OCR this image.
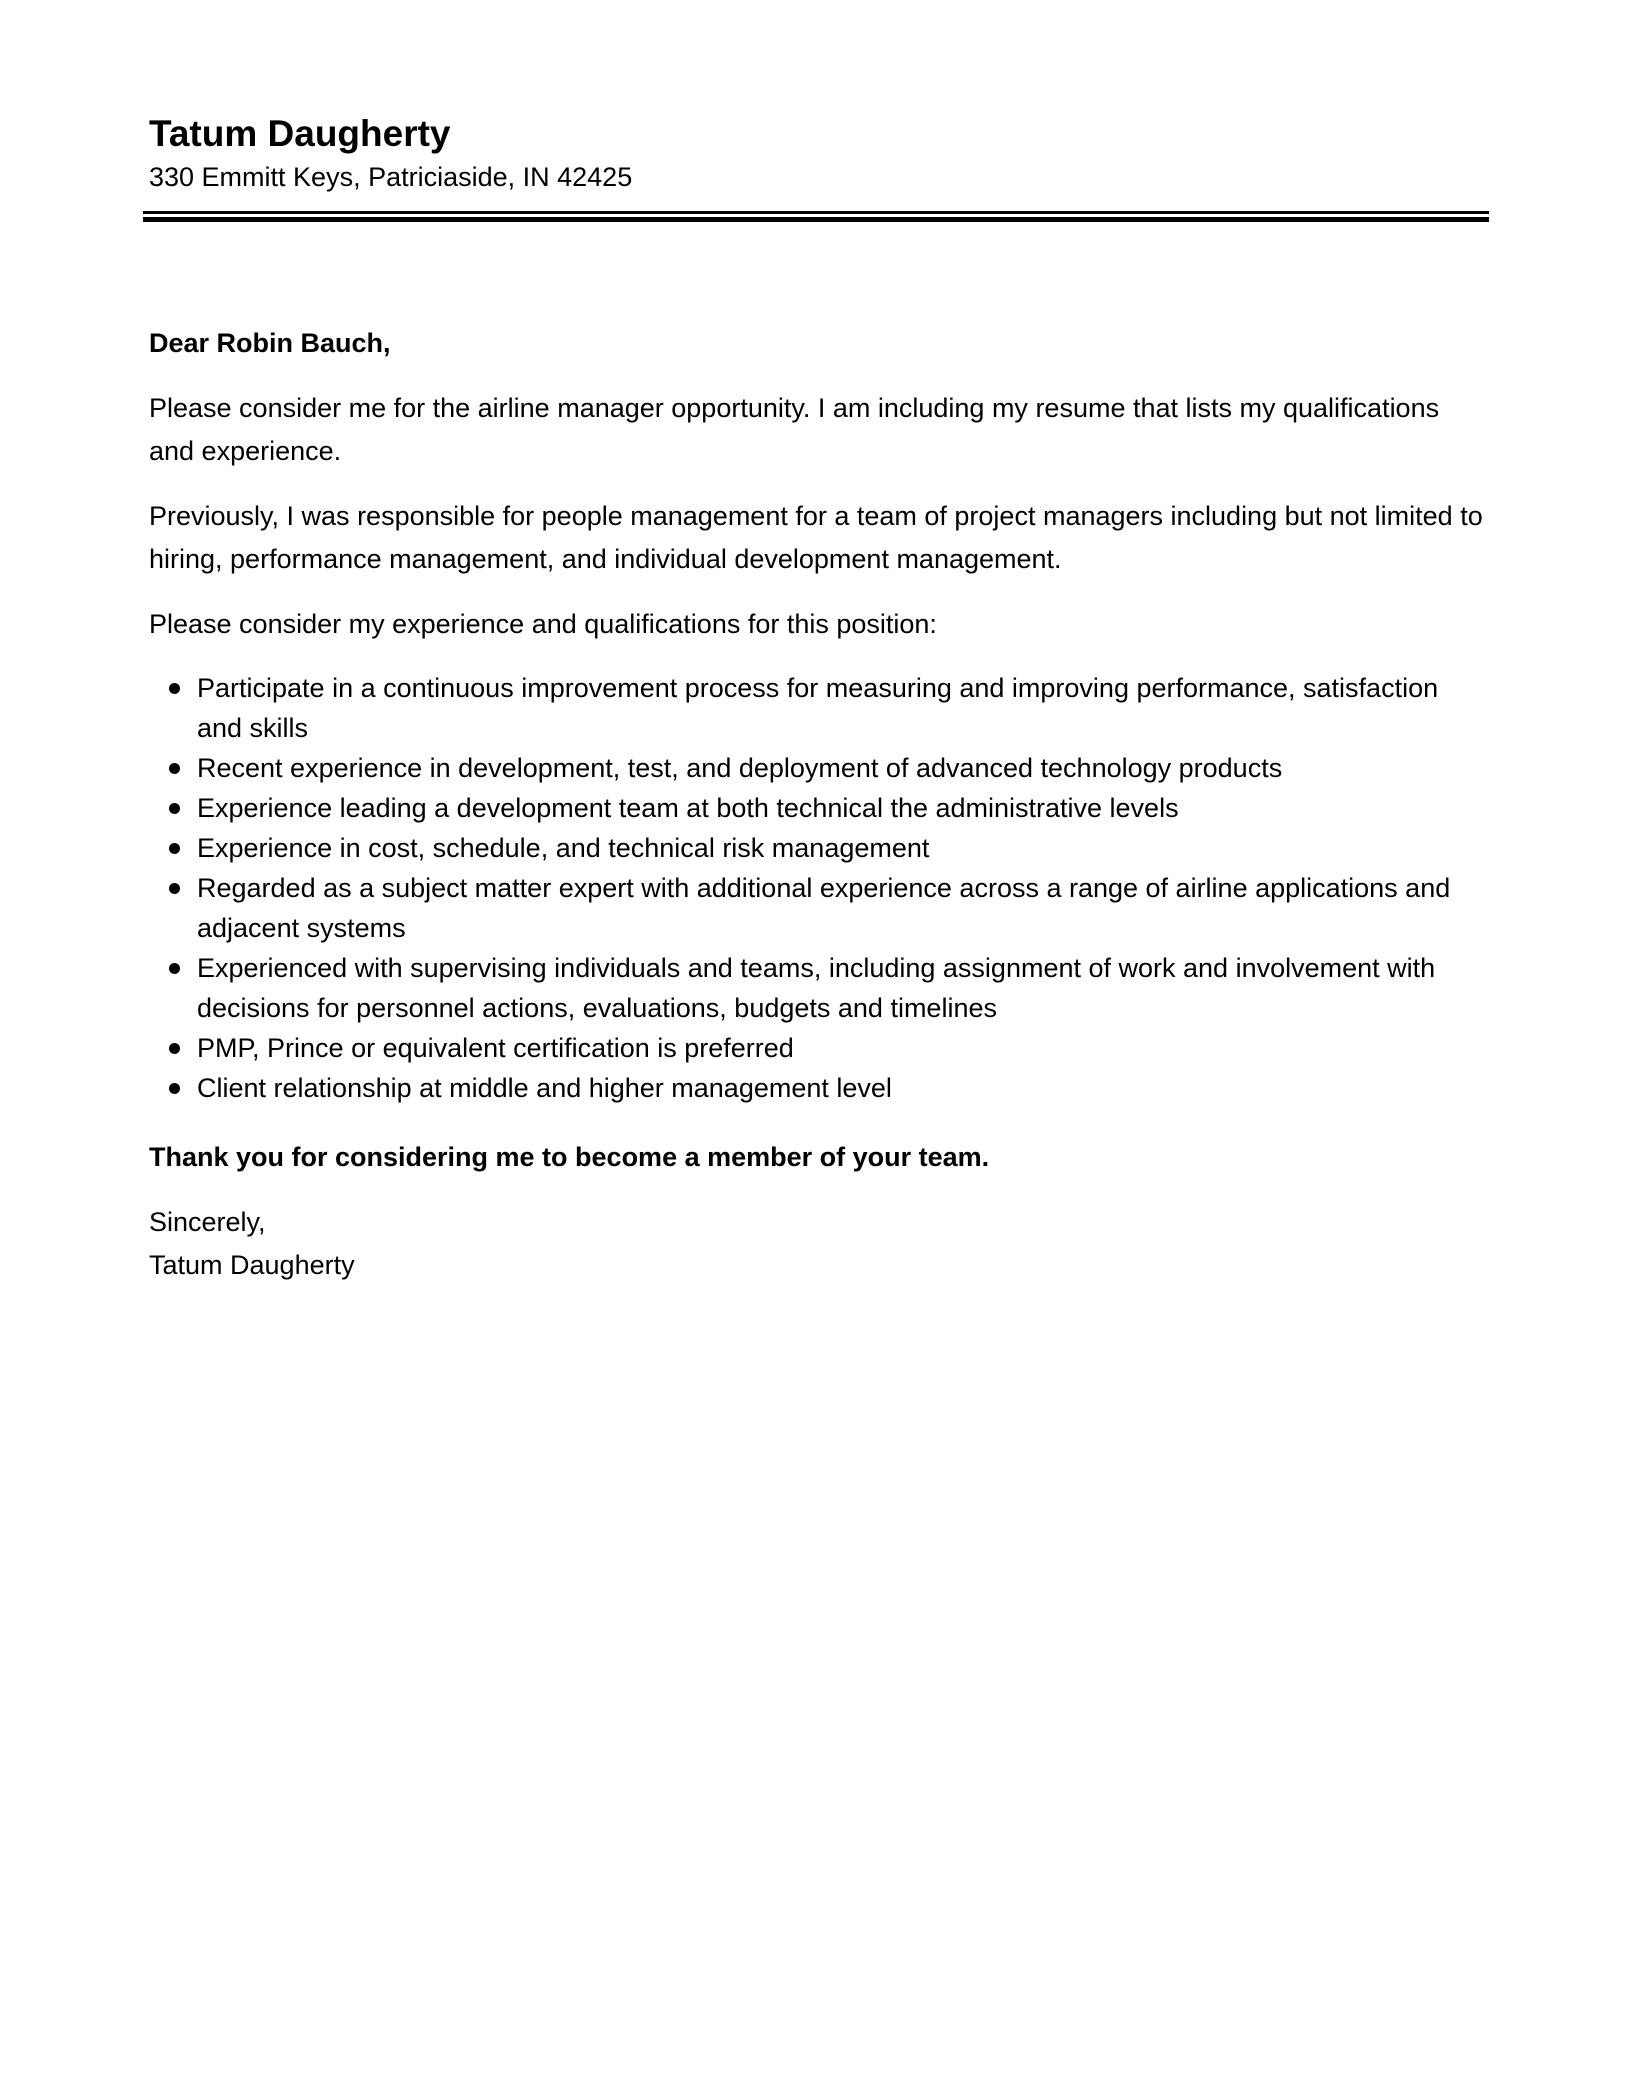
Tatum Daugherty

330 Emmitt Keys, Patriciaside, IN 42425

Dear Robin Bauch,

Please consider me for the airline manager opportunity. I am including my resume that lists my qualifications and experience.

Previously, I was responsible for people management for a team of project managers including but not limited to hiring, performance management, and individual development management.

Please consider my experience and qualifications for this position:

Participate in a continuous improvement process for measuring and improving performance, satisfaction and skills
Recent experience in development, test, and deployment of advanced technology products
Experience leading a development team at both technical the administrative levels
Experience in cost, schedule, and technical risk management
Regarded as a subject matter expert with additional experience across a range of airline applications and adjacent systems
Experienced with supervising individuals and teams, including assignment of work and involvement with decisions for personnel actions, evaluations, budgets and timelines
PMP, Prince or equivalent certification is preferred
Client relationship at middle and higher management level

Thank you for considering me to become a member of your team.

Sincerely,

Tatum Daugherty
